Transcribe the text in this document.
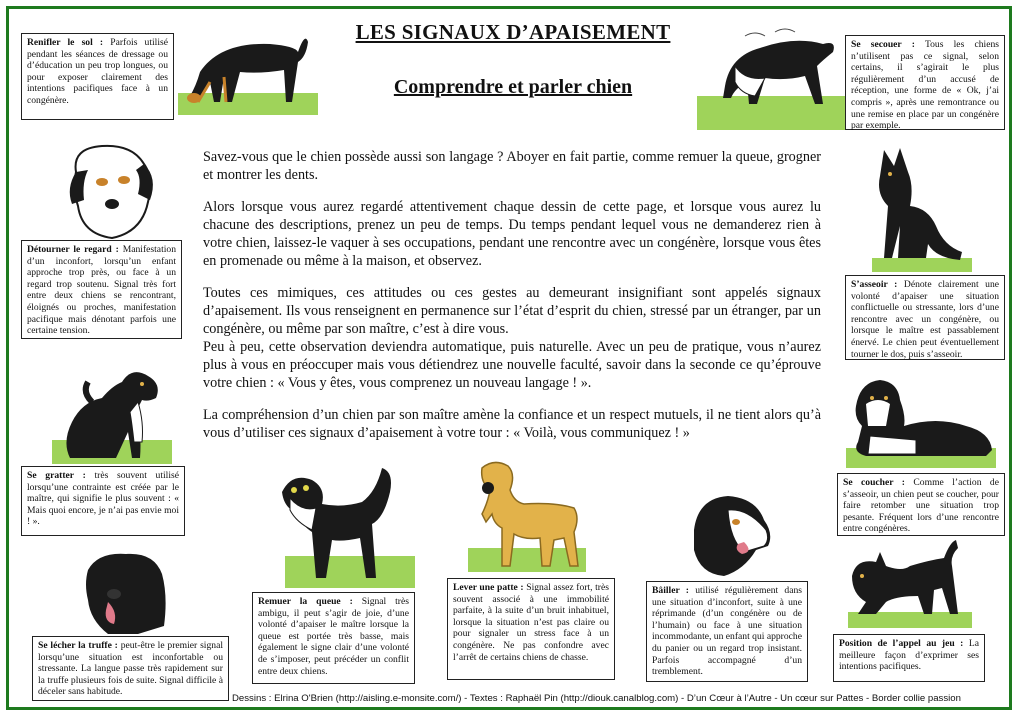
LES SIGNAUX D’APAISEMENT
Comprendre et parler chien

Savez-vous que le chien possède aussi son langage ? Aboyer en fait partie, comme remuer la queue, grogner et montrer les dents.

Alors lorsque vous aurez regardé attentivement chaque dessin de cette page, et lorsque vous aurez lu chacune des descriptions, prenez un peu de temps. Du temps pendant lequel vous ne demanderez rien à votre chien, laissez-le vaquer à ses occupations, pendant une rencontre avec un congénère, lorsque vous êtes en promenade ou même à la maison, et observez.

Toutes ces mimiques, ces attitudes ou ces gestes au demeurant insignifiant sont appelés signaux d’apaisement. Ils vous renseignent en permanence sur l’état d’esprit du chien, stressé par un étranger, par un congénère, ou même par son maître, c’est à dire vous.

Peu à peu, cette observation deviendra automatique, puis naturelle. Avec un peu de pratique, vous n’aurez plus à vous en préoccuper mais vous détiendrez une nouvelle faculté, savoir dans la seconde ce qu’éprouve votre chien : « Vous y êtes, vous comprenez un nouveau langage ! ».

La compréhension d’un chien par son maître amène la confiance et un respect mutuels, il ne tient alors qu’à vous d’utiliser ces signaux d’apaisement à votre tour : « Voilà, vous communiquez ! »

Renifler le sol : Parfois utilisé pendant les séances de dressage ou d’éducation un peu trop longues, ou pour exposer clairement des intentions pacifiques face à un congénère.
Se secouer : Tous les chiens n’utilisent pas ce signal, selon certains, il s’agirait le plus régulièrement d’un accusé de réception, une forme de « Ok, j’ai compris », après une remontrance ou une remise en place par un congénère par exemple.
Détourner le regard : Manifestation d’un inconfort, lorsqu’un enfant approche trop près, ou face à un regard trop soutenu. Signal très fort entre deux chiens se rencontrant, éloignés ou proches, manifestation pacifique mais dénotant parfois une certaine tension.
S’asseoir : Dénote clairement une volonté d’apaiser une situation conflictuelle ou stressante, lors d’une rencontre avec un congénère, ou lorsque le maître est passablement énervé. Le chien peut éventuellement tourner le dos, puis s’asseoir.
Se gratter : très souvent utilisé lorsqu’une contrainte est créée par le maître, qui signifie le plus souvent : « Mais quoi encore, je n’ai pas envie moi ! ».
Se coucher : Comme l’action de s’asseoir, un chien peut se coucher, pour faire retomber une situation trop pesante. Fréquent lors d’une rencontre entre congénères.
Remuer la queue : Signal très ambigu, il peut s’agir de joie, d’une volonté d’apaiser le maître lorsque la queue est portée très basse, mais également le signe clair d’une volonté de s’imposer, peut précéder un conflit entre deux chiens.
Lever une patte : Signal assez fort, très souvent associé à une immobilité parfaite, à la suite d’un bruit inhabituel, lorsque la situation n’est pas claire ou pour signaler un stress face à un congénère. Ne pas confondre avec l’arrêt de certains chiens de chasse.
Bâiller : utilisé régulièrement dans une situation d’inconfort, suite à une réprimande (d’un congénère ou de l’humain) ou face à une situation incommodante, un enfant qui approche du panier ou un regard trop insistant. Parfois accompagné d’un tremblement.
Se lécher la truffe : peut-être le premier signal lorsqu’une situation est inconfortable ou stressante. La langue passe très rapidement sur la truffe plusieurs fois de suite. Signal difficile à déceler sans habitude.
Position de l’appel au jeu : La meilleure façon d’exprimer ses intentions pacifiques.
Dessins : Elrina O'Brien (http://aisling.e-monsite.com/) - Textes : Raphaël Pin (http://diouk.canalblog.com) - D’un Cœur à l’Autre - Un cœur sur Pattes - Border collie passion
